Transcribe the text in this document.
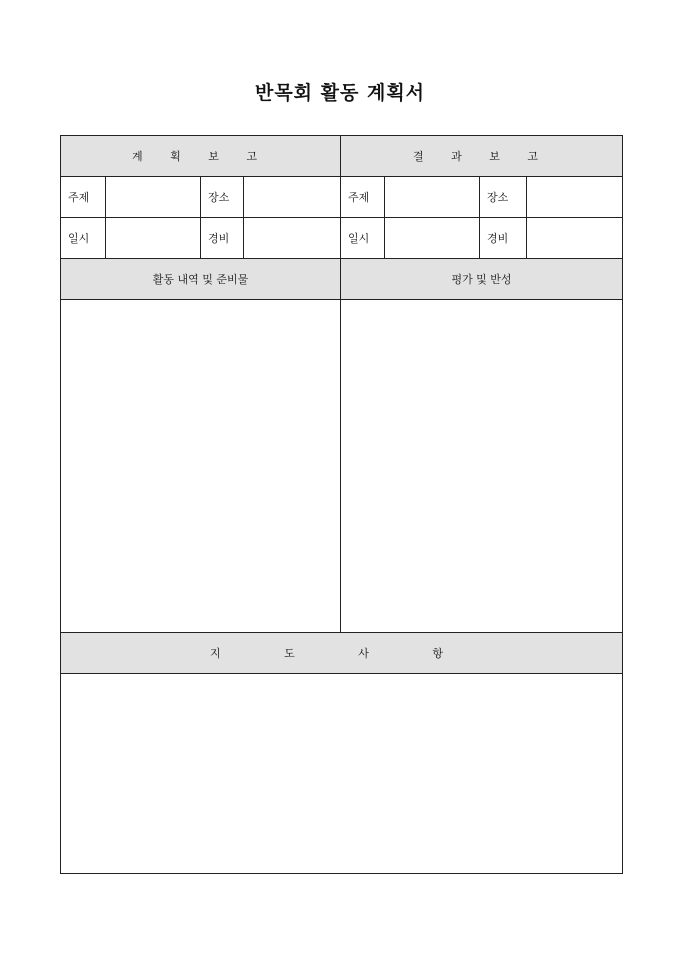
반목회 활동 계획서
계 획 보 고				결 과 보 고			
주제		장소		주제		장소	
일시		경비		일시		경비	
활동 내역 및 준비물				평가 및 반성			

지 도 사 항							
